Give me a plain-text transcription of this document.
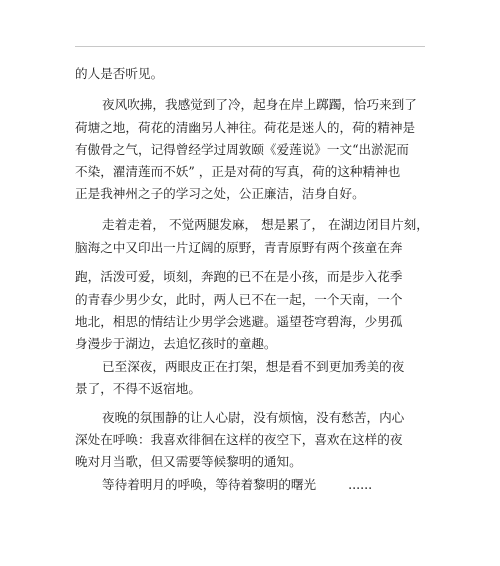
的人是否听见。
夜风吹拂，我感觉到了冷，起身在岸上踯躅，恰巧来到了
荷塘之地，荷花的清幽另人神往。荷花是迷人的，荷的精神是
有傲骨之气，记得曾经学过周敦颐《爱莲说》一文“出淤泥而
不染，濯清莲而不妖” ，正是对荷的写真，荷的这种精神也
正是我神州之子的学习之处，公正廉洁，洁身自好。
走着走着， 不觉两腿发麻， 想是累了， 在湖边闭目片刻，
脑海之中又印出一片辽阔的原野，青青原野有两个孩童在奔
跑，活泼可爱，顷刻，奔跑的已不在是小孩，而是步入花季
的青春少男少女，此时，两人已不在一起，一个天南，一个
地北，相思的情结让少男学会逃避。遥望苍穹碧海，少男孤
身漫步于湖边，去追忆孩时的童趣。
已至深夜，两眼皮正在打架，想是看不到更加秀美的夜
景了，不得不返宿地。
夜晚的氛围静的让人心尉，没有烦恼，没有愁苦，内心
深处在呼唤：我喜欢徘徊在这样的夜空下，喜欢在这样的夜
晚对月当歌，但又需要等候黎明的通知。
等待着明月的呼唤，等待着黎明的曙光        ......
